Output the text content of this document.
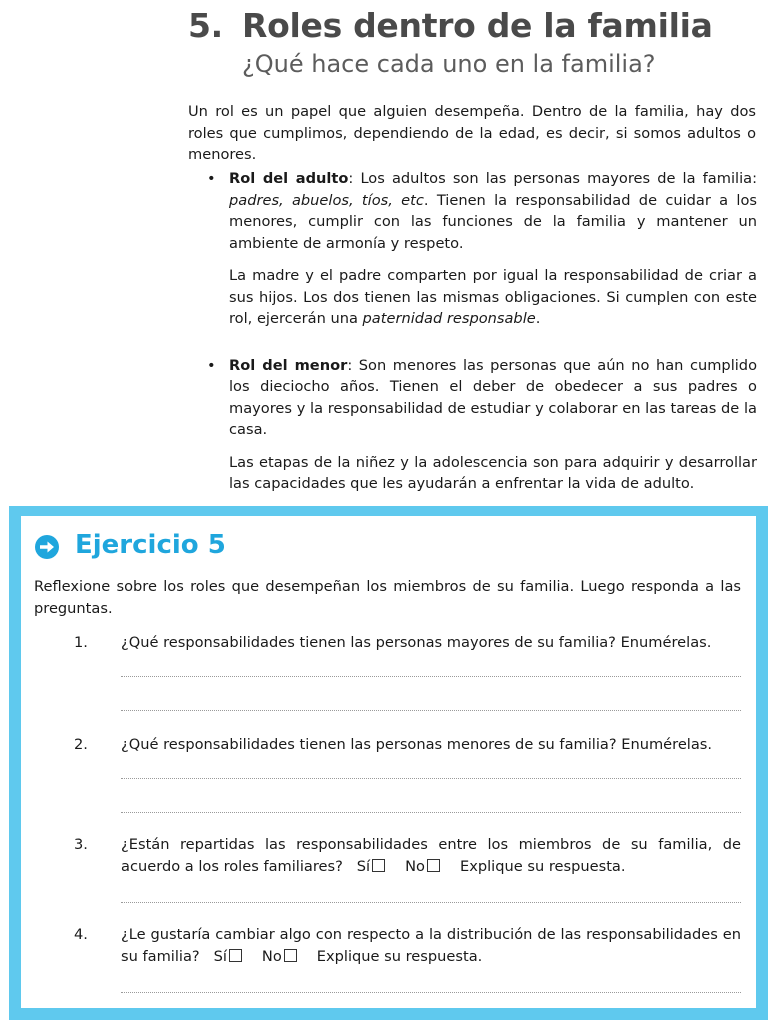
5. Roles dentro de la familia
¿Qué hace cada uno en la familia?

Un rol es un papel que alguien desempeña. Dentro de la familia, hay dos roles que cumplimos, dependiendo de la edad, es decir, si somos adultos o menores.

• Rol del adulto: Los adultos son las personas mayores de la familia: padres, abuelos, tíos, etc. Tienen la responsabilidad de cuidar a los menores, cumplir con las funciones de la familia y mantener un ambiente de armonía y respeto.

La madre y el padre comparten por igual la responsabilidad de criar a sus hijos. Los dos tienen las mismas obligaciones. Si cumplen con este rol, ejercerán una paternidad responsable.

• Rol del menor: Son menores las personas que aún no han cumplido los dieciocho años. Tienen el deber de obedecer a sus padres o mayores y la responsabilidad de estudiar y colaborar en las tareas de la casa.

Las etapas de la niñez y la adolescencia son para adquirir y desarrollar las capacidades que les ayudarán a enfrentar la vida de adulto.

Ejercicio 5

Reflexione sobre los roles que desempeñan los miembros de su familia. Luego responda a las preguntas.

1. ¿Qué responsabilidades tienen las personas mayores de su familia? Enumérelas.

2. ¿Qué responsabilidades tienen las personas menores de su familia? Enumérelas.

3. ¿Están repartidas las responsabilidades entre los miembros de su familia, de acuerdo a los roles familiares? Sí No Explique su respuesta.

4. ¿Le gustaría cambiar algo con respecto a la distribución de las responsabilidades en su familia? Sí No Explique su respuesta.
